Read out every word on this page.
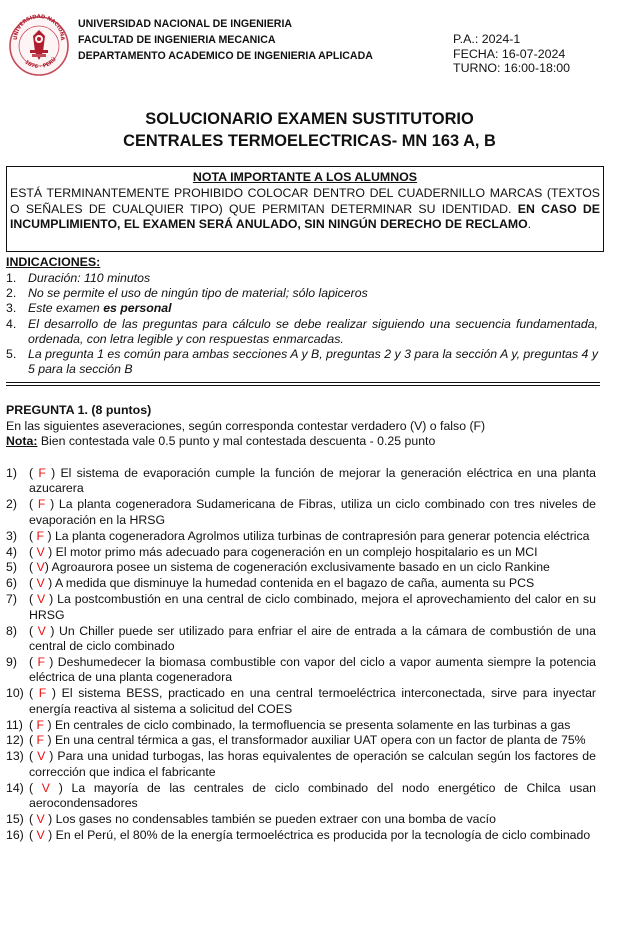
UNIVERSIDAD NACIONA
1876 · PERÚ
UNIVERSIDAD NACIONAL DE INGENIERIA
FACULTAD DE INGENIERIA MECANICA
DEPARTAMENTO ACADEMICO DE INGENIERIA APLICADA
P.A.: 2024-1
FECHA: 16-07-2024
TURNO: 16:00-18:00
SOLUCIONARIO EXAMEN SUSTITUTORIO
CENTRALES TERMOELECTRICAS- MN 163 A, B
NOTA IMPORTANTE A LOS ALUMNOS
ESTÁ TERMINANTEMENTE PROHIBIDO COLOCAR DENTRO DEL CUADERNILLO MARCAS (TEXTOS O SEÑALES DE CUALQUIER TIPO) QUE PERMITAN DETERMINAR SU IDENTIDAD. EN CASO DE INCUMPLIMIENTO, EL EXAMEN SERÁ ANULADO, SIN NINGÚN DERECHO DE RECLAMO.
INDICACIONES:
1. Duración: 110 minutos
2. No se permite el uso de ningún tipo de material; sólo lapiceros
3. Este examen es personal
4. El desarrollo de las preguntas para cálculo se debe realizar siguiendo una secuencia fundamentada, ordenada, con letra legible y con respuestas enmarcadas.
5. La pregunta 1 es común para ambas secciones A y B, preguntas 2 y 3 para la sección A y, preguntas 4 y 5 para la sección B
PREGUNTA 1. (8 puntos)
En las siguientes aseveraciones, según corresponda contestar verdadero (V) o falso (F)
Nota: Bien contestada vale 0.5 punto y mal contestada descuenta - 0.25 punto
1) ( F ) El sistema de evaporación cumple la función de mejorar la generación eléctrica en una planta azucarera
2) ( F ) La planta cogeneradora Sudamericana de Fibras, utiliza un ciclo combinado con tres niveles de evaporación en la HRSG
3) ( F ) La planta cogeneradora Agrolmos utiliza turbinas de contrapresión para generar potencia eléctrica
4) ( V ) El motor primo más adecuado para cogeneración en un complejo hospitalario es un MCI
5) ( V) Agroaurora posee un sistema de cogeneración exclusivamente basado en un ciclo Rankine
6) ( V ) A medida que disminuye la humedad contenida en el bagazo de caña, aumenta su PCS
7) ( V ) La postcombustión en una central de ciclo combinado, mejora el aprovechamiento del calor en su HRSG
8) ( V ) Un Chiller puede ser utilizado para enfriar el aire de entrada a la cámara de combustión de una central de ciclo combinado
9) ( F ) Deshumedecer la biomasa combustible con vapor del ciclo a vapor aumenta siempre la potencia eléctrica de una planta cogeneradora
10) ( F ) El sistema BESS, practicado en una central termoeléctrica interconectada, sirve para inyectar energía reactiva al sistema a solicitud del COES
11) ( F ) En centrales de ciclo combinado, la termofluencia se presenta solamente en las turbinas a gas
12) ( F ) En una central térmica a gas, el transformador auxiliar UAT opera con un factor de planta de 75%
13) ( V ) Para una unidad turbogas, las horas equivalentes de operación se calculan según los factores de corrección que indica el fabricante
14) ( V ) La mayoría de las centrales de ciclo combinado del nodo energético de Chilca usan aerocondensadores
15) ( V ) Los gases no condensables también se pueden extraer con una bomba de vacío
16) ( V ) En el Perú, el 80% de la energía termoeléctrica es producida por la tecnología de ciclo combinado
